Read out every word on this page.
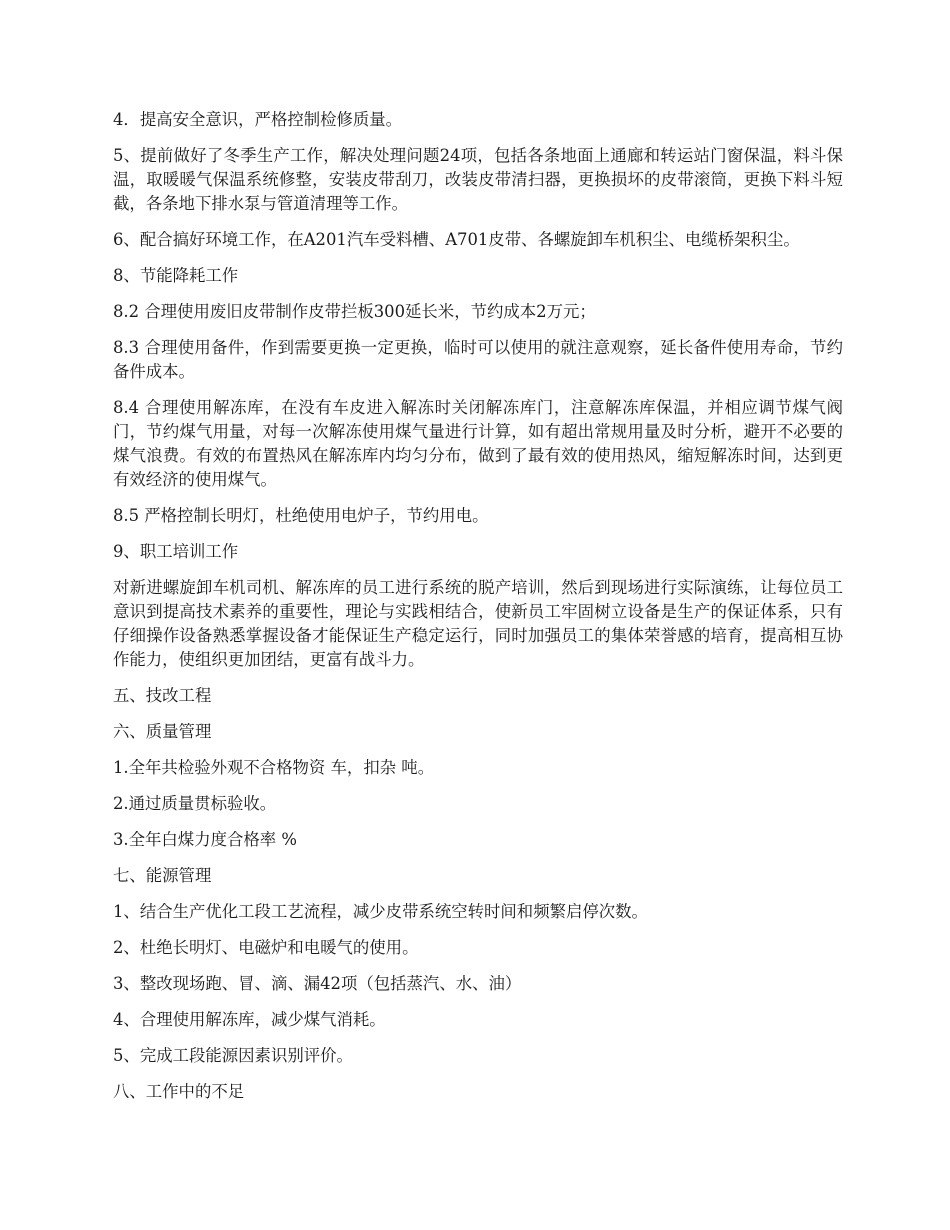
4．提高安全意识，严格控制检修质量。

5、提前做好了冬季生产工作，解决处理问题24项，包括各条地面上通廊和转运站门窗保温，料斗保温，取暖暖气保温系统修整，安装皮带刮刀，改装皮带清扫器，更换损坏的皮带滚筒，更换下料斗短截，各条地下排水泵与管道清理等工作。

6、配合搞好环境工作，在A201汽车受料槽、A701皮带、各螺旋卸车机积尘、电缆桥架积尘。

8、节能降耗工作

8.2 合理使用废旧皮带制作皮带拦板300延长米，节约成本2万元；

8.3 合理使用备件，作到需要更换一定更换，临时可以使用的就注意观察，延长备件使用寿命，节约备件成本。

8.4 合理使用解冻库，在没有车皮进入解冻时关闭解冻库门，注意解冻库保温，并相应调节煤气阀门，节约煤气用量，对每一次解冻使用煤气量进行计算，如有超出常规用量及时分析，避开不必要的煤气浪费。有效的布置热风在解冻库内均匀分布，做到了最有效的使用热风，缩短解冻时间，达到更有效经济的使用煤气。

8.5 严格控制长明灯，杜绝使用电炉子，节约用电。

9、职工培训工作

对新进螺旋卸车机司机、解冻库的员工进行系统的脱产培训，然后到现场进行实际演练，让每位员工意识到提高技术素养的重要性，理论与实践相结合，使新员工牢固树立设备是生产的保证体系，只有仔细操作设备熟悉掌握设备才能保证生产稳定运行，同时加强员工的集体荣誉感的培育，提高相互协作能力，使组织更加团结，更富有战斗力。

五、技改工程

六、质量管理

1.全年共检验外观不合格物资 车，扣杂 吨。

2.通过质量贯标验收。

3.全年白煤力度合格率 %

七、能源管理

1、结合生产优化工段工艺流程，减少皮带系统空转时间和频繁启停次数。

2、杜绝长明灯、电磁炉和电暖气的使用。

3、整改现场跑、冒、滴、漏42项（包括蒸汽、水、油）

4、合理使用解冻库，减少煤气消耗。

5、完成工段能源因素识别评价。

八、工作中的不足
